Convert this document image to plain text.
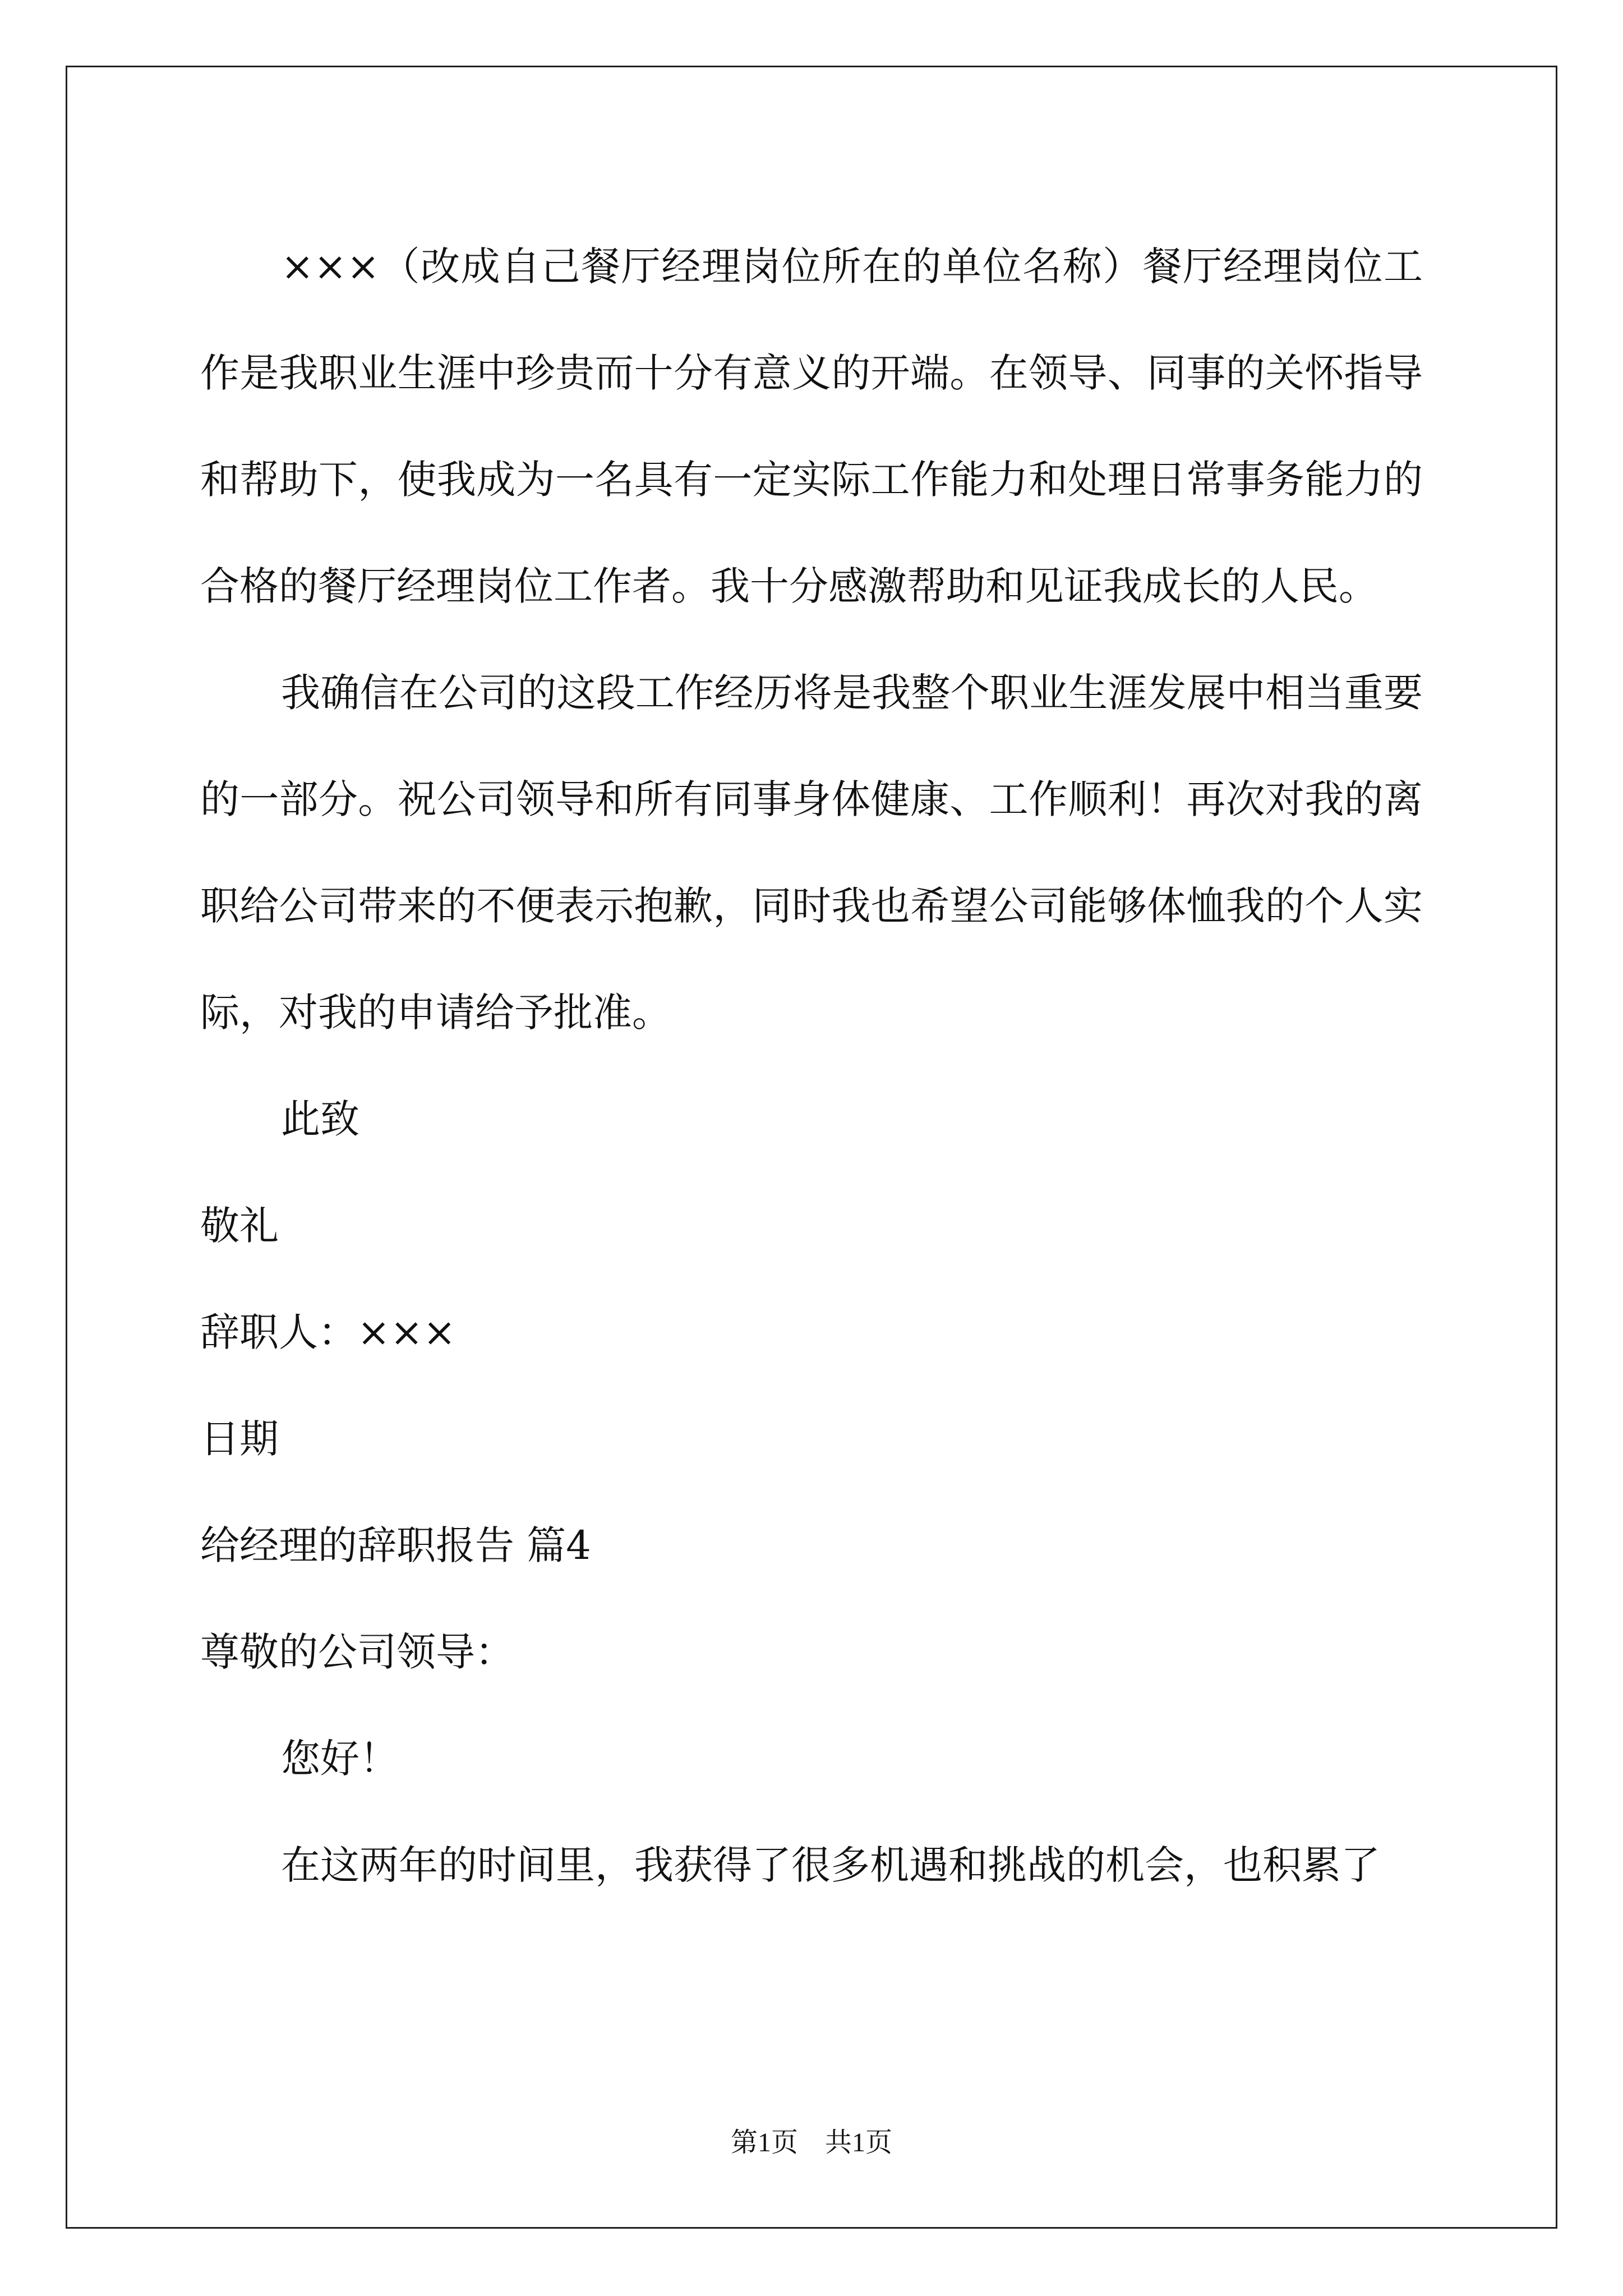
×××（改成自己餐厅经理岗位所在的单位名称）餐厅经理岗位工作是我职业生涯中珍贵而十分有意义的开端。在领导、同事的关怀指导和帮助下，使我成为一名具有一定实际工作能力和处理日常事务能力的合格的餐厅经理岗位工作者。我十分感激帮助和见证我成长的人民。

我确信在公司的这段工作经历将是我整个职业生涯发展中相当重要的一部分。祝公司领导和所有同事身体健康、工作顺利！再次对我的离职给公司带来的不便表示抱歉，同时我也希望公司能够体恤我的个人实际，对我的申请给予批准。

此致

敬礼

辞职人：×××

日期

给经理的辞职报告 篇4

尊敬的公司领导：

您好！

在这两年的时间里，我获得了很多机遇和挑战的机会，也积累了

第1页　共1页
